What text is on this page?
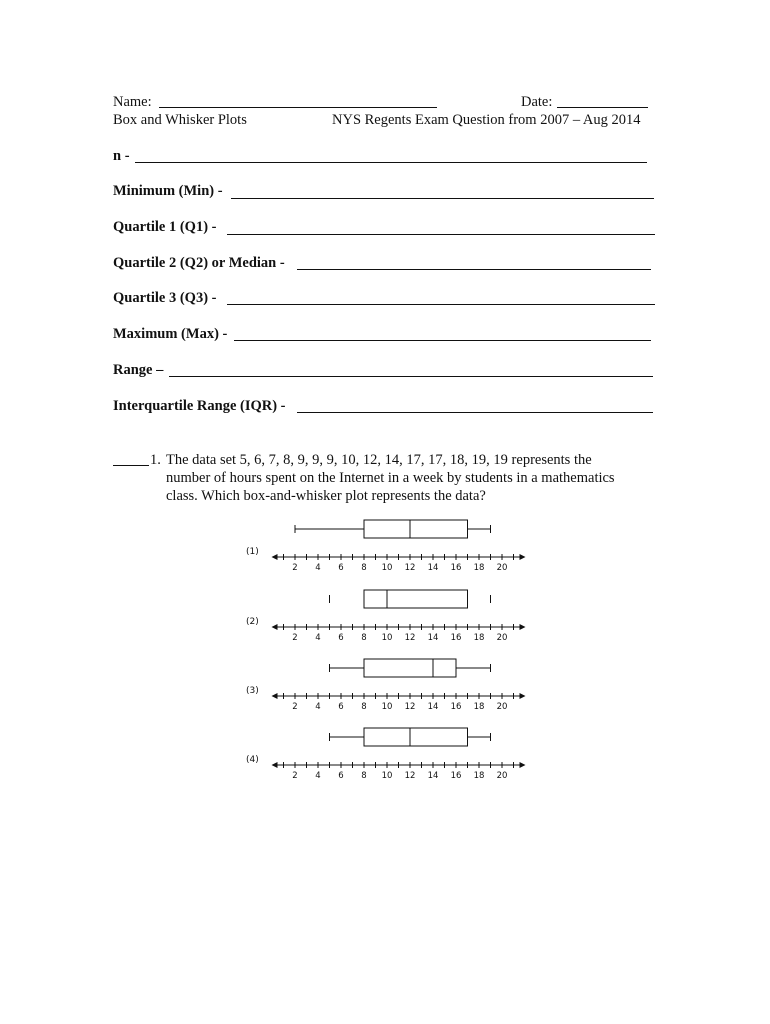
Name:	Date:
Box and Whisker Plots	NYS Regents Exam Question from 2007 – Aug 2014
n -
Minimum (Min) -
Quartile 1 (Q1) -
Quartile 2 (Q2) or Median -
Quartile 3 (Q3) -
Maximum (Max) -
Range –
Interquartile Range (IQR) -
1. The data set 5, 6, 7, 8, 9, 9, 9, 10, 12, 14, 17, 17, 18, 19, 19 represents the
number of hours spent on the Internet in a week by students in a mathematics
class. Which box-and-whisker plot represents the data?
(1)
2 4 6 8 10 12 14 16 18 20
(2)
2 4 6 8 10 12 14 16 18 20
(3)
2 4 6 8 10 12 14 16 18 20
(4)
2 4 6 8 10 12 14 16 18 20
